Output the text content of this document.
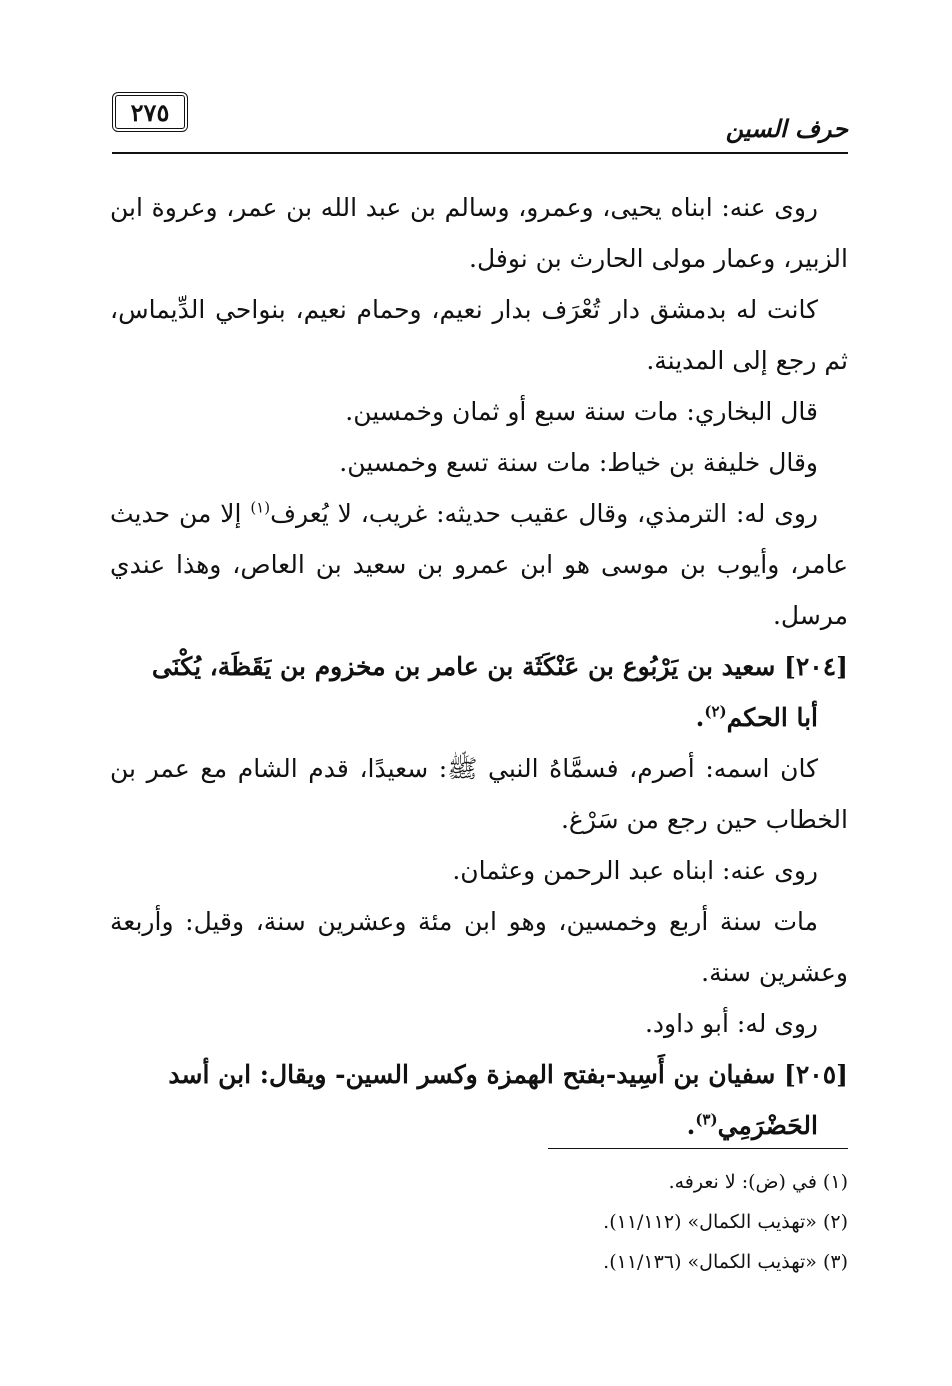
٢٧٥
حرف السين

روى عنه: ابناه يحيى، وعمرو، وسالم بن عبد الله بن عمر، وعروة ابن الزبير، وعمار مولى الحارث بن نوفل.

كانت له بدمشق دار تُعْرَف بدار نعيم، وحمام نعيم، بنواحي الدِّيماس، ثم رجع إلى المدينة.

قال البخاري: مات سنة سبع أو ثمان وخمسين.

وقال خليفة بن خياط: مات سنة تسع وخمسين.

روى له: الترمذي، وقال عقيب حديثه: غريب، لا يُعرف$^{(١)}$ إلا من حديث عامر، وأيوب بن موسى هو ابن عمرو بن سعيد بن العاص، وهذا عندي مرسل.

[٢٠٤] سعيد بن يَرْبُوع بن عَنْكَثَة بن عامر بن مخزوم بن يَقَظَة، يُكْنَى
أبا الحكم$^{(٢)}$.

كان اسمه: أصرم، فسمَّاهُ النبي ﷺ: سعيدًا، قدم الشام مع عمر بن الخطاب حين رجع من سَرْغ.

روى عنه: ابناه عبد الرحمن وعثمان.

مات سنة أربع وخمسين، وهو ابن مئة وعشرين سنة، وقيل: وأربعة وعشرين سنة.

روى له: أبو داود.

[٢٠٥] سفيان بن أَسِيد-بفتح الهمزة وكسر السين- ويقال: ابن أسد
الحَضْرَمِي$^{(٣)}$.

(١) في (ض): لا نعرفه.

(٢) «تهذيب الكمال» (١١/١١٢).

(٣) «تهذيب الكمال» (١١/١٣٦).
